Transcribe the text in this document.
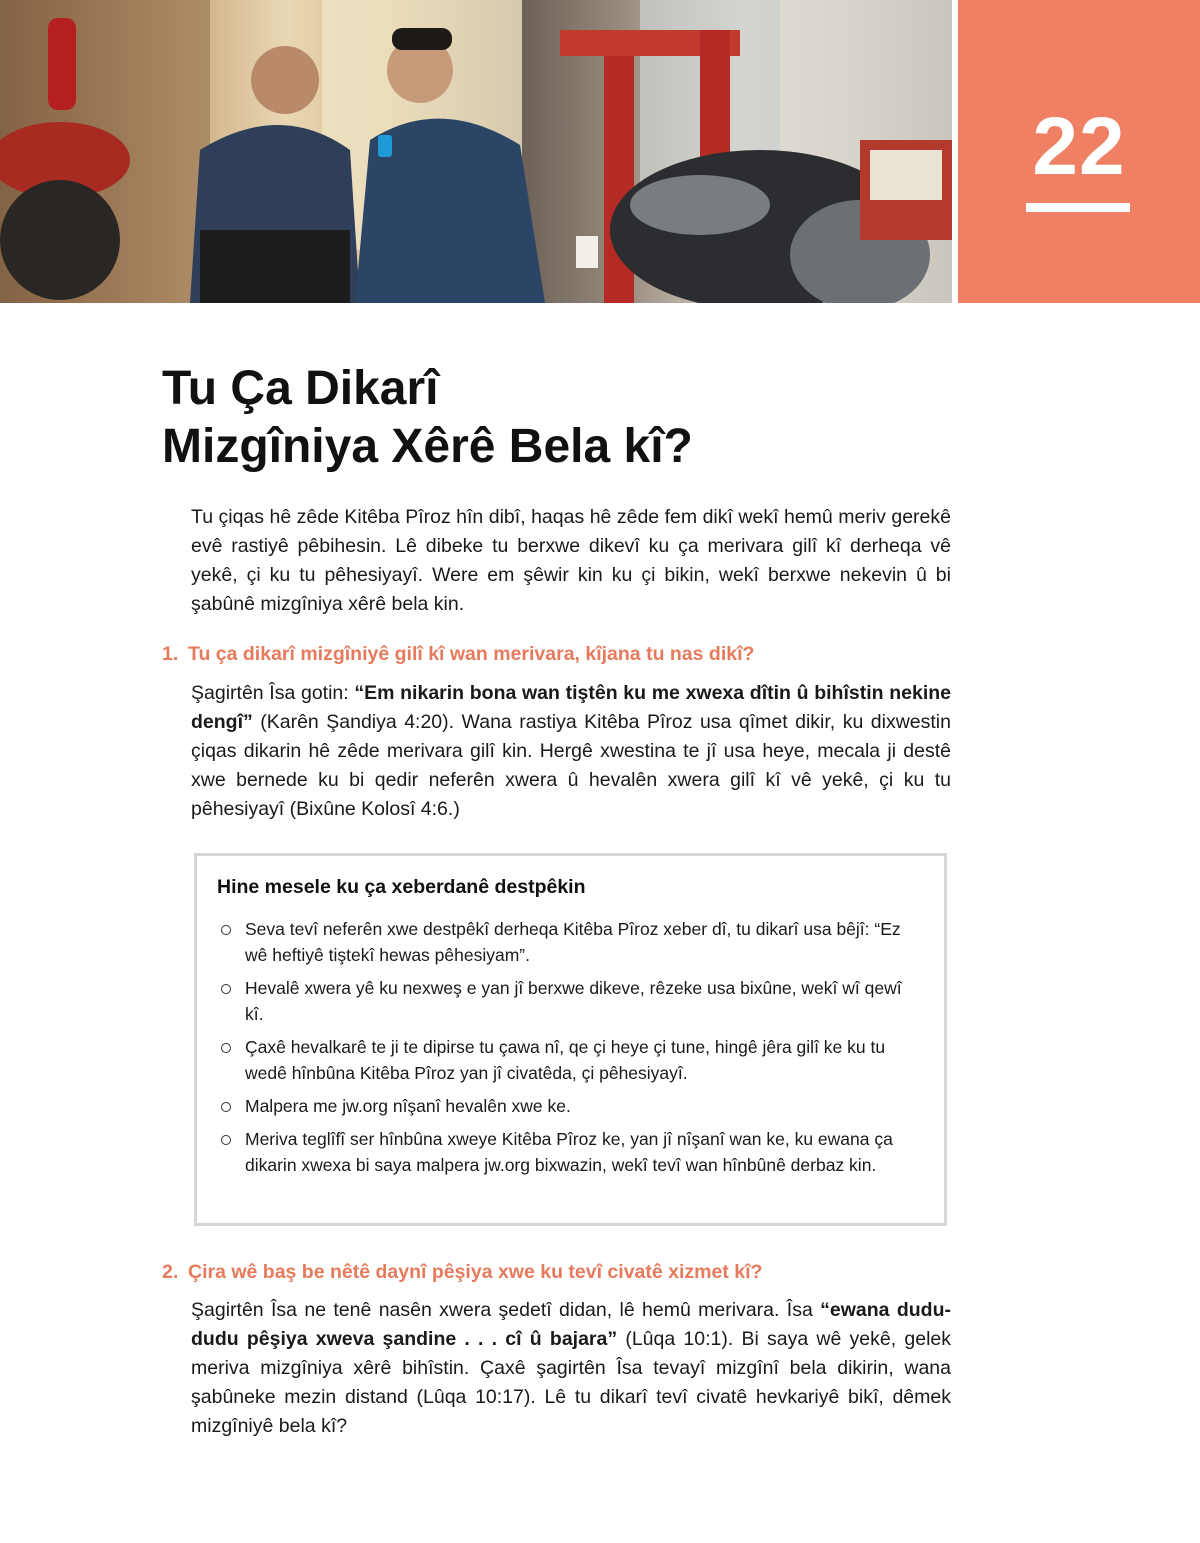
22
Tu Ça Dikarî
Mizgîniya Xêrê Bela kî?

Tu çiqas hê zêde Kitêba Pîroz hîn dibî, haqas hê zêde fem dikî wekî hemû meriv gerekê evê rastiyê pêbihesin. Lê dibeke tu berxwe dikevî ku ça merivara gilî kî derheqa vê yekê, çi ku tu pêhesiyayî. Were em şêwir kin ku çi bikin, wekî berxwe nekevin û bi şabûnê mizgîniya xêrê bela kin.

1. Tu ça dikarî mizgîniyê gilî kî wan merivara, kîjana tu nas dikî?

Şagirtên Îsa gotin: “Em nikarin bona wan tiştên ku me xwexa dîtin û bihîstin nekine dengî” (Karên Şandiya 4:20). Wana rastiya Kitêba Pîroz usa qîmet dikir, ku dixwestin çiqas dikarin hê zêde merivara gilî kin. Hergê xwestina te jî usa heye, mecala ji destê xwe bernede ku bi qedir neferên xwera û hevalên xwera gilî kî vê yekê, çi ku tu pêhesiyayî (Bixûne Kolosî 4:6.)

Hine mesele ku ça xeberdanê destpêkin
Seva tevî neferên xwe destpêkî derheqa Kitêba Pîroz xeber dî, tu dikarî usa bêjî: “Ez wê heftiyê tiştekî hewas pêhesiyam”.
Hevalê xwera yê ku nexweş e yan jî berxwe dikeve, rêzeke usa bixûne, wekî wî qewî kî.
Çaxê hevalkarê te ji te dipirse tu çawa nî, qe çi heye çi tune, hingê jêra gilî ke ku tu wedê hînbûna Kitêba Pîroz yan jî civatêda, çi pêhesiyayî.
Malpera me jw.org nîşanî hevalên xwe ke.
Meriva teglîfî ser hînbûna xweye Kitêba Pîroz ke, yan jî nîşanî wan ke, ku ewana ça dikarin xwexa bi saya malpera jw.org bixwazin, wekî tevî wan hînbûnê derbaz kin.

2. Çira wê baş be nêtê daynî pêşiya xwe ku tevî civatê xizmet kî?

Şagirtên Îsa ne tenê nasên xwera şedetî didan, lê hemû merivara. Îsa “ewana dudu-dudu pêşiya xweva şandine . . . cî û bajara” (Lûqa 10:1). Bi saya wê yekê, gelek meriva mizgîniya xêrê bihîstin. Çaxê şagirtên Îsa tevayî mizgînî bela dikirin, wana şabûneke mezin distand (Lûqa 10:17). Lê tu dikarî tevî civatê hevkariyê bikî, dêmek mizgîniyê bela kî?
